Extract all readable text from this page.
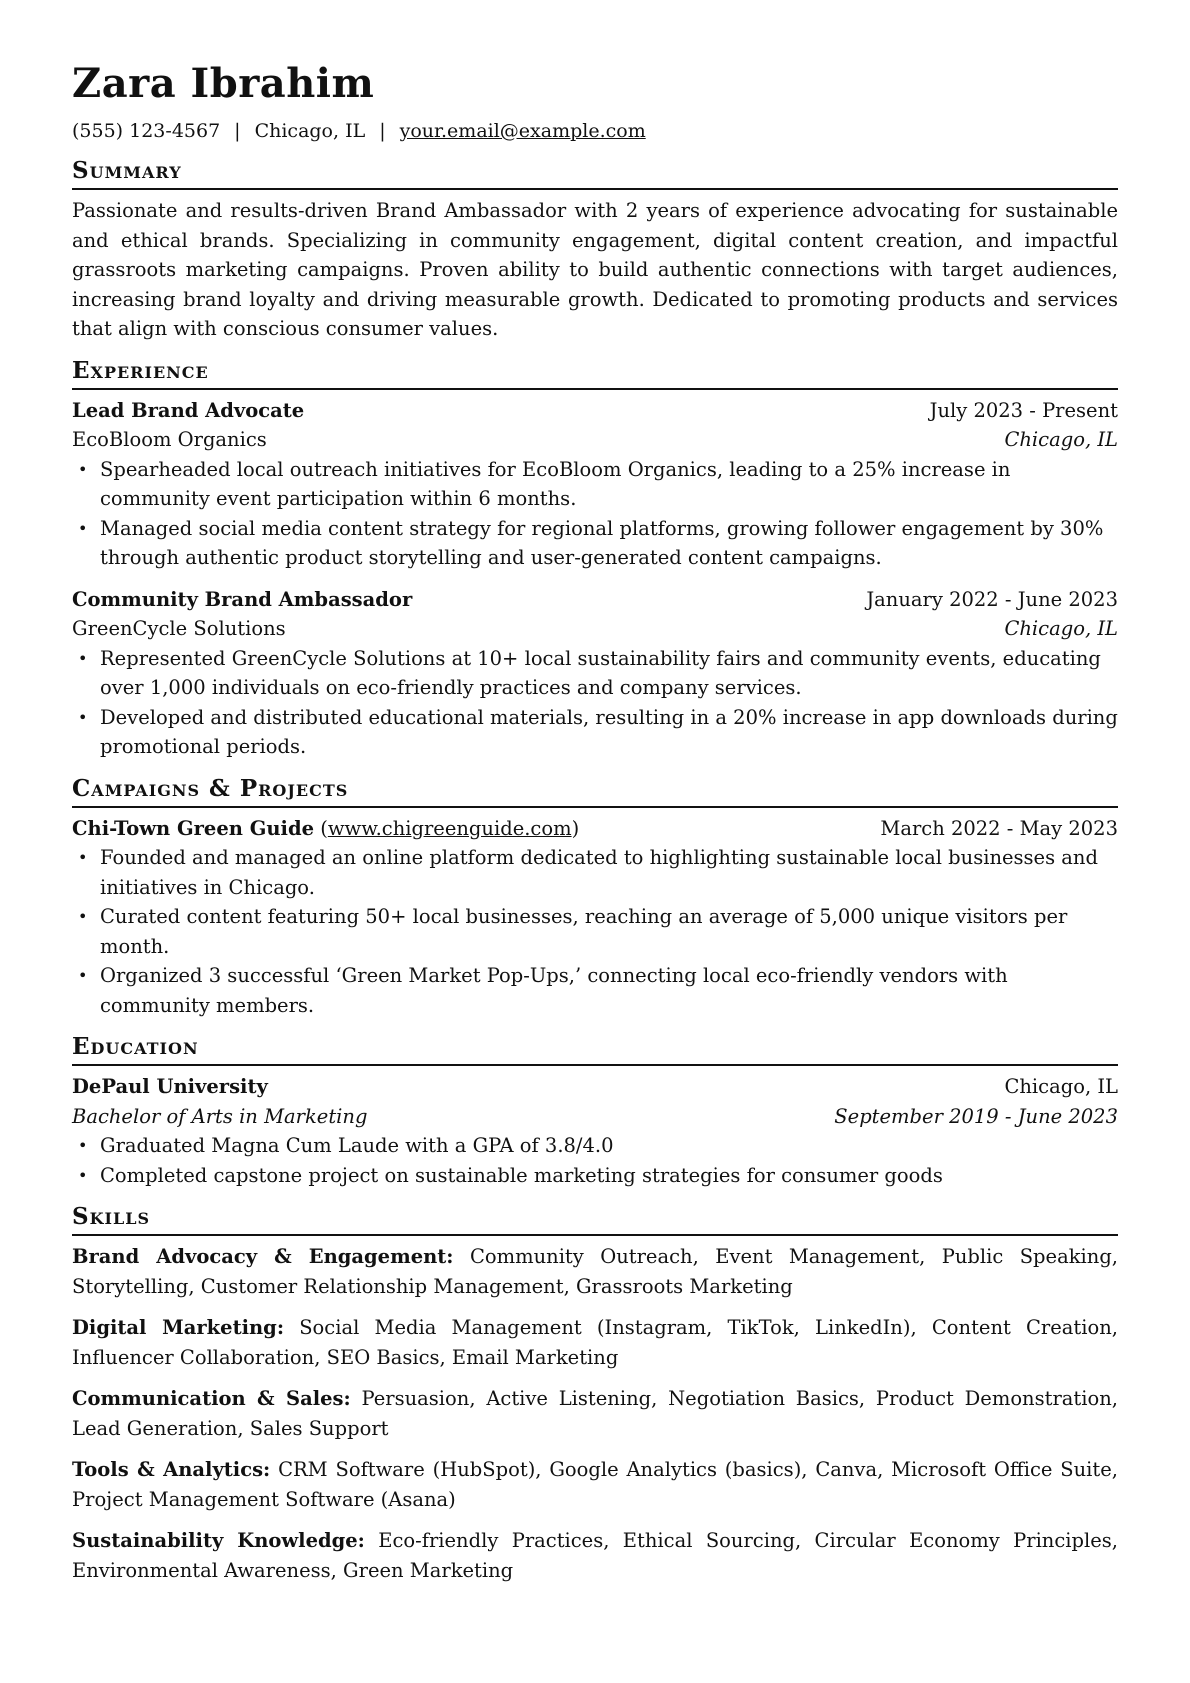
Zara Ibrahim
(555) 123-4567 | Chicago, IL | your.email@example.com
Summary

Passionate and results-driven Brand Ambassador with 2 years of experience advocating for sustainable and ethical brands. Specializing in community engagement, digital content creation, and impactful grassroots marketing campaigns. Proven ability to build authentic connections with target audiences, increasing brand loyalty and driving measurable growth. Dedicated to promoting products and services that align with conscious consumer values.

Experience
Lead Brand Advocate	July 2023 - Present
EcoBloom Organics	Chicago, IL
• Spearheaded local outreach initiatives for EcoBloom Organics, leading to a 25% increase in community event participation within 6 months.
• Managed social media content strategy for regional platforms, growing follower engagement by 30% through authentic product storytelling and user-generated content campaigns.
Community Brand Ambassador	January 2022 - June 2023
GreenCycle Solutions	Chicago, IL
• Represented GreenCycle Solutions at 10+ local sustainability fairs and community events, educating over 1,000 individuals on eco-friendly practices and company services.
• Developed and distributed educational materials, resulting in a 20% increase in app downloads during promotional periods.
Campaigns & Projects
Chi-Town Green Guide (www.chigreenguide.com)	March 2022 - May 2023
• Founded and managed an online platform dedicated to highlighting sustainable local businesses and initiatives in Chicago.
• Curated content featuring 50+ local businesses, reaching an average of 5,000 unique visitors per month.
• Organized 3 successful ‘Green Market Pop-Ups,’ connecting local eco-friendly vendors with community members.
Education
DePaul University	Chicago, IL
Bachelor of Arts in Marketing	September 2019 - June 2023
• Graduated Magna Cum Laude with a GPA of 3.8/4.0
• Completed capstone project on sustainable marketing strategies for consumer goods
Skills

Brand Advocacy & Engagement: Community Outreach, Event Management, Public Speaking, Storytelling, Customer Relationship Management, Grassroots Marketing

Digital Marketing: Social Media Management (Instagram, TikTok, LinkedIn), Content Creation, Influencer Collaboration, SEO Basics, Email Marketing

Communication & Sales: Persuasion, Active Listening, Negotiation Basics, Product Demonstration, Lead Generation, Sales Support

Tools & Analytics: CRM Software (HubSpot), Google Analytics (basics), Canva, Microsoft Office Suite, Project Management Software (Asana)

Sustainability Knowledge: Eco-friendly Practices, Ethical Sourcing, Circular Economy Principles, Environmental Awareness, Green Marketing
